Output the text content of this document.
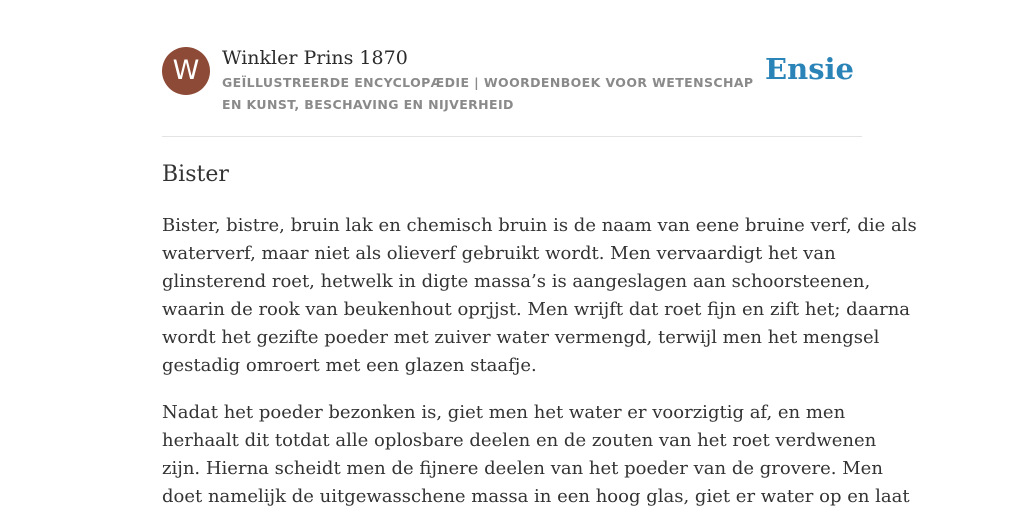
W	Winkler Prins 1870
GEÏLLUSTREERDE ENCYCLOPÆDIE | WOORDENBOEK VOOR WETENSCHAP EN KUNST, BESCHAVING EN NIJVERHEID
Ensie
Bister

Bister, bistre, bruin lak en chemisch bruin is de naam van eene bruine verf, die als
waterverf, maar niet als olieverf gebruikt wordt. Men vervaardigt het van
glinsterend roet, hetwelk in digte massa’s is aangeslagen aan schoorsteenen,
waarin de rook van beukenhout oprjjst. Men wrijft dat roet fijn en zift het; daarna
wordt het gezifte poeder met zuiver water vermengd, terwijl men het mengsel
gestadig omroert met een glazen staafje.

Nadat het poeder bezonken is, giet men het water er voorzigtig af, en men
herhaalt dit totdat alle oplosbare deelen en de zouten van het roet verdwenen
zijn. Hierna scheidt men de fijnere deelen van het poeder van de grovere. Men
doet namelijk de uitgewasschene massa in een hoog glas, giet er water op en laat
